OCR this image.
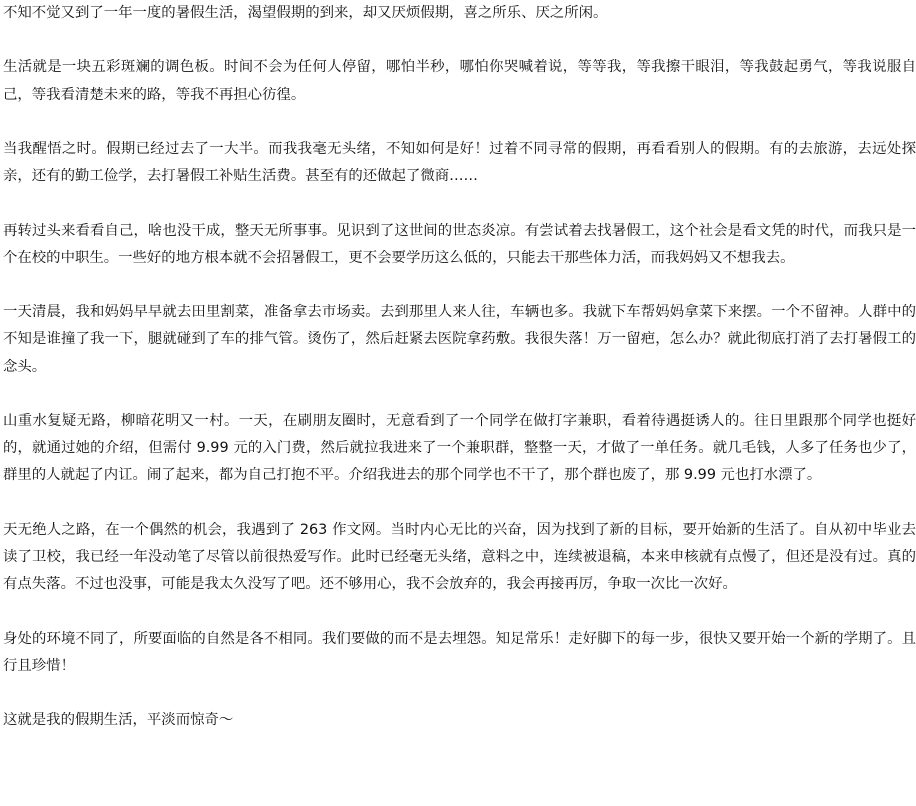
不知不觉又到了一年一度的暑假生活，渴望假期的到来，却又厌烦假期，喜之所乐、厌之所闲。

生活就是一块五彩斑斓的调色板。时间不会为任何人停留，哪怕半秒，哪怕你哭喊着说，等等我，等我擦干眼泪，等我鼓起勇气，等我说服自己，等我看清楚未来的路，等我不再担心彷徨。

当我醒悟之时。假期已经过去了一大半。而我我毫无头绪，不知如何是好！过着不同寻常的假期，再看看别人的假期。有的去旅游，去远处探亲，还有的勤工俭学，去打暑假工补贴生活费。甚至有的还做起了微商……

再转过头来看看自己，啥也没干成，整天无所事事。见识到了这世间的世态炎凉。有尝试着去找暑假工，这个社会是看文凭的时代，而我只是一个在校的中职生。一些好的地方根本就不会招暑假工，更不会要学历这么低的，只能去干那些体力活，而我妈妈又不想我去。

一天清晨，我和妈妈早早就去田里割菜，准备拿去市场卖。去到那里人来人往，车辆也多。我就下车帮妈妈拿菜下来摆。一个不留神。人群中的不知是谁撞了我一下，腿就碰到了车的排气管。烫伤了，然后赶紧去医院拿药敷。我很失落！万一留疤，怎么办？就此彻底打消了去打暑假工的念头。

山重水复疑无路，柳暗花明又一村。一天，在刷朋友圈时，无意看到了一个同学在做打字兼职，看着待遇挺诱人的。往日里跟那个同学也挺好的，就通过她的介绍，但需付 9.99 元的入门费，然后就拉我进来了一个兼职群，整整一天，才做了一单任务。就几毛钱，人多了任务也少了，群里的人就起了内讧。闹了起来，都为自己打抱不平。介绍我进去的那个同学也不干了，那个群也废了，那 9.99 元也打水漂了。

天无绝人之路，在一个偶然的机会，我遇到了 263 作文网。当时内心无比的兴奋，因为找到了新的目标，要开始新的生活了。自从初中毕业去读了卫校，我已经一年没动笔了尽管以前很热爱写作。此时已经毫无头绪，意料之中，连续被退稿，本来申核就有点慢了，但还是没有过。真的有点失落。不过也没事，可能是我太久没写了吧。还不够用心，我不会放弃的，我会再接再厉，争取一次比一次好。

身处的环境不同了，所要面临的自然是各不相同。我们要做的而不是去埋怨。知足常乐！走好脚下的每一步，很快又要开始一个新的学期了。且行且珍惜！

这就是我的假期生活，平淡而惊奇～
